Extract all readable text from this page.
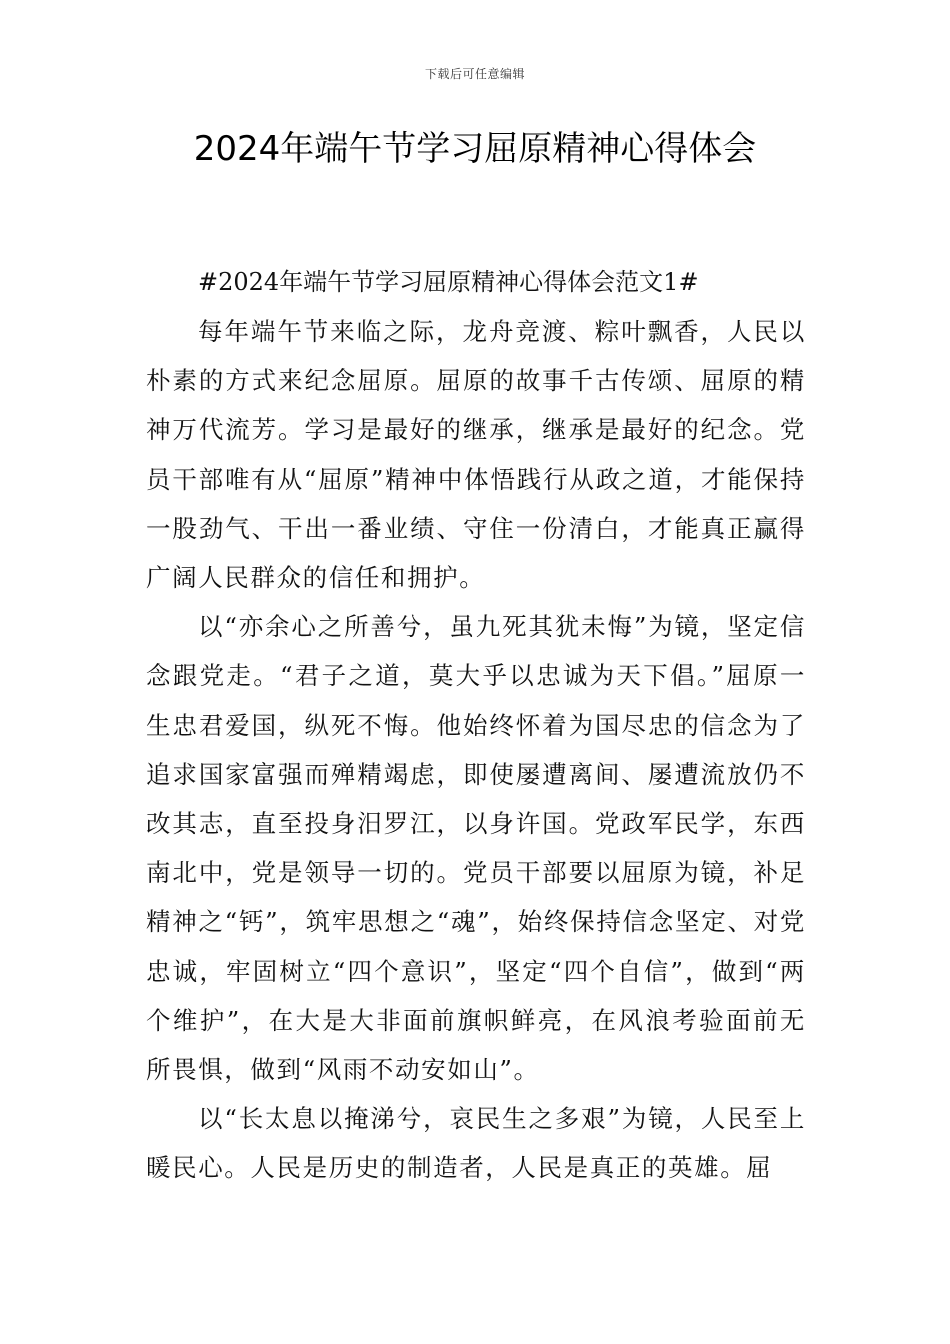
下载后可任意编辑
2024年端午节学习屈原精神心得体会

#2024年端午节学习屈原精神心得体会范文1#

每年端午节来临之际，龙舟竞渡、粽叶飘香，人民以朴素的方式来纪念屈原。屈原的故事千古传颂、屈原的精神万代流芳。学习是最好的继承，继承是最好的纪念。党员干部唯有从“屈原”精神中体悟践行从政之道，才能保持一股劲气、干出一番业绩、守住一份清白，才能真正赢得广阔人民群众的信任和拥护。

以“亦余心之所善兮，虽九死其犹未悔”为镜，坚定信念跟党走。“君子之道，莫大乎以忠诚为天下倡。”屈原一生忠君爱国，纵死不悔。他始终怀着为国尽忠的信念为了追求国家富强而殚精竭虑，即使屡遭离间、屡遭流放仍不改其志，直至投身汨罗江，以身许国。党政军民学，东西南北中，党是领导一切的。党员干部要以屈原为镜，补足精神之“钙”，筑牢思想之“魂”，始终保持信念坚定、对党忠诚，牢固树立“四个意识”，坚定“四个自信”，做到“两个维护”，在大是大非面前旗帜鲜亮，在风浪考验面前无所畏惧，做到“风雨不动安如山”。

以“长太息以掩涕兮，哀民生之多艰”为镜，人民至上暖民心。人民是历史的制造者，人民是真正的英雄。屈
